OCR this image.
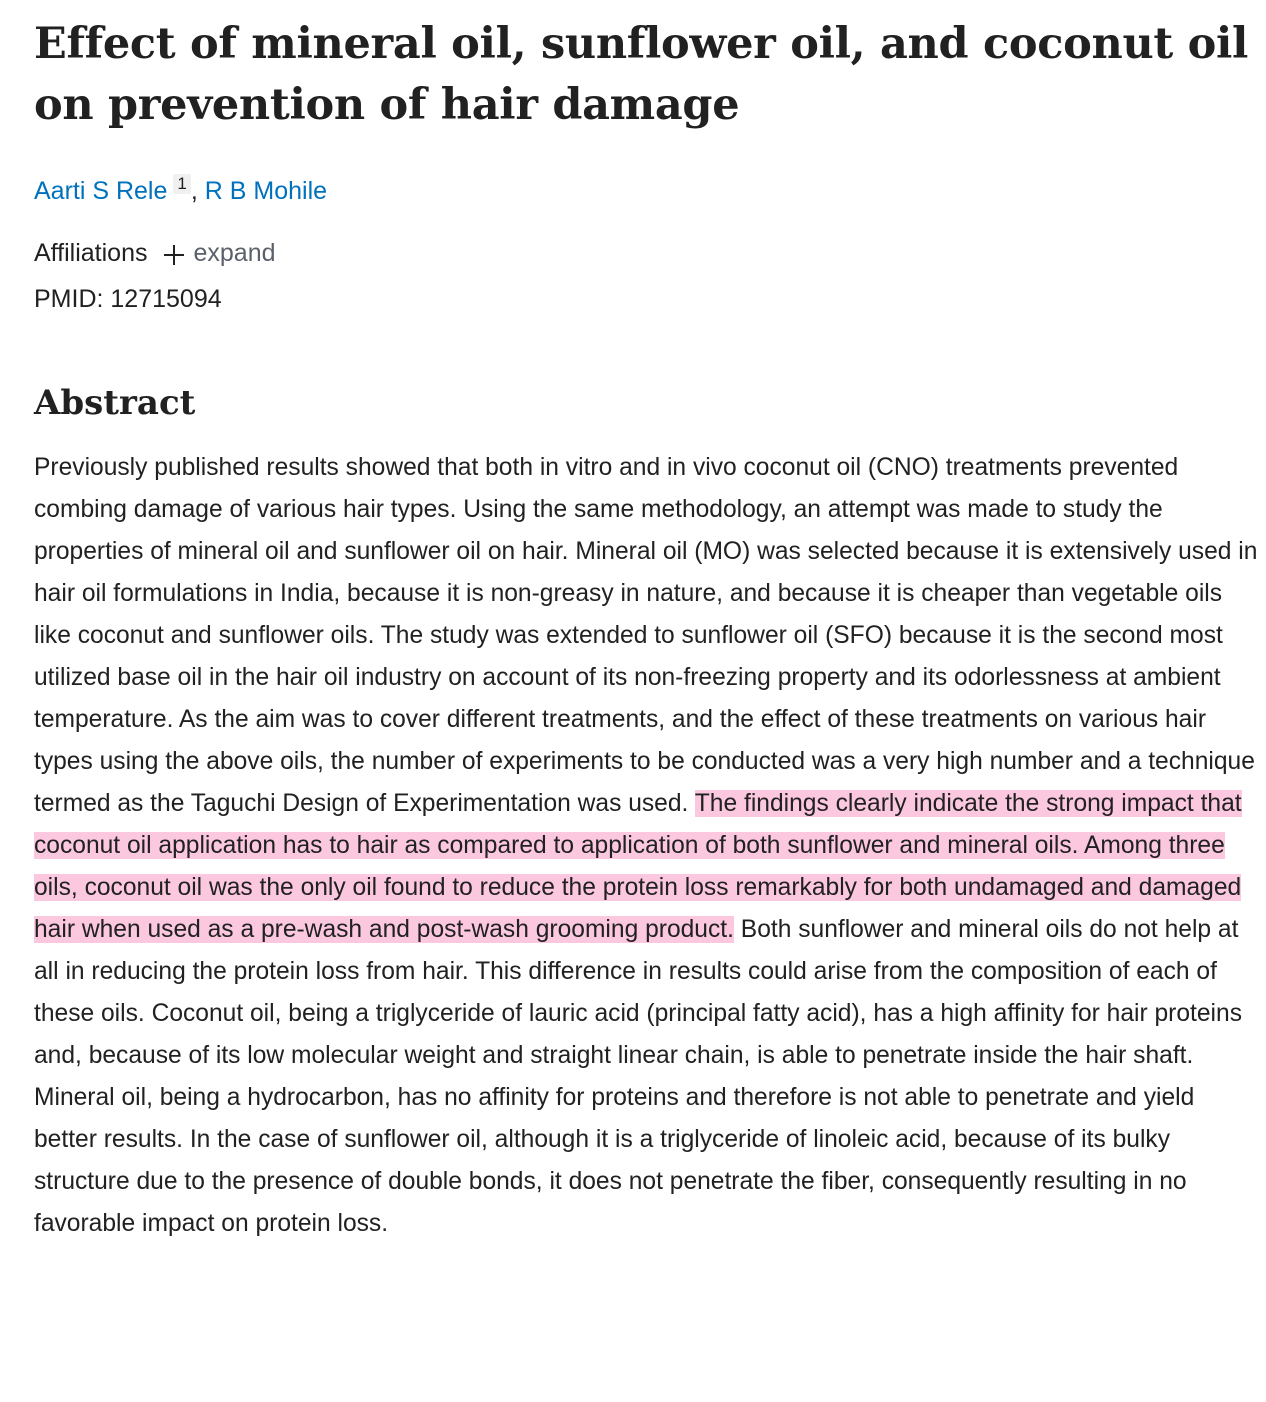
Effect of mineral oil, sunflower oil, and coconut oil on prevention of hair damage
Aarti S Rele 1 , R B Mohile
Affiliations expand
PMID: 12715094
Abstract

Previously published results showed that both in vitro and in vivo coconut oil (CNO) treatments prevented combing damage of various hair types. Using the same methodology, an attempt was made to study the properties of mineral oil and sunflower oil on hair. Mineral oil (MO) was selected because it is extensively used in hair oil formulations in India, because it is non-greasy in nature, and because it is cheaper than vegetable oils like coconut and sunflower oils. The study was extended to sunflower oil (SFO) because it is the second most utilized base oil in the hair oil industry on account of its non-freezing property and its odorlessness at ambient temperature. As the aim was to cover different treatments, and the effect of these treatments on various hair types using the above oils, the number of experiments to be conducted was a very high number and a technique termed as the Taguchi Design of Experimentation was used. The findings clearly indicate the strong impact that coconut oil application has to hair as compared to application of both sunflower and mineral oils. Among three oils, coconut oil was the only oil found to reduce the protein loss remarkably for both undamaged and damaged hair when used as a pre-wash and post-wash grooming product. Both sunflower and mineral oils do not help at all in reducing the protein loss from hair. This difference in results could arise from the composition of each of these oils. Coconut oil, being a triglyceride of lauric acid (principal fatty acid), has a high affinity for hair proteins and, because of its low molecular weight and straight linear chain, is able to penetrate inside the hair shaft. Mineral oil, being a hydrocarbon, has no affinity for proteins and therefore is not able to penetrate and yield better results. In the case of sunflower oil, although it is a triglyceride of linoleic acid, because of its bulky structure due to the presence of double bonds, it does not penetrate the fiber, consequently resulting in no favorable impact on protein loss.
